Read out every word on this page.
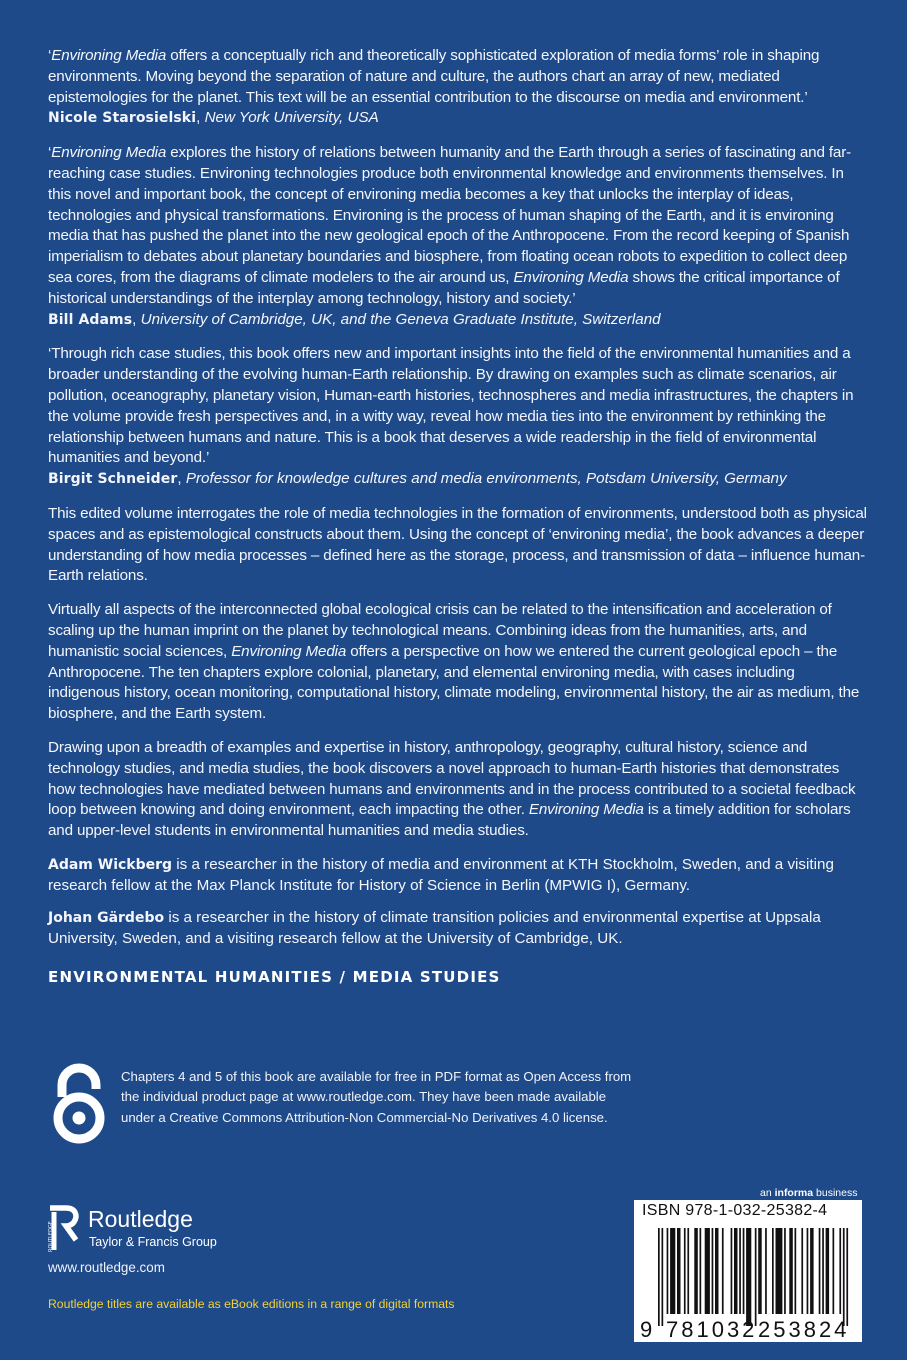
‘Environing Media offers a conceptually rich and theoretically sophisticated exploration of media forms’ role in shaping environments. Moving beyond the separation of nature and culture, the authors chart an array of new, mediated epistemologies for the planet. This text will be an essential contribution to the discourse on media and environment.’

Nicole Starosielski, New York University, USA

‘Environing Media explores the history of relations between humanity and the Earth through a series of fascinating and far-reaching case studies. Environing technologies produce both environmental knowledge and environments themselves. In this novel and important book, the concept of environing media becomes a key that unlocks the interplay of ideas, technologies and physical transformations. Environing is the process of human shaping of the Earth, and it is environing media that has pushed the planet into the new geological epoch of the Anthropocene. From the record keeping of Spanish imperialism to debates about planetary boundaries and biosphere, from floating ocean robots to expedition to collect deep sea cores, from the diagrams of climate modelers to the air around us, Environing Media shows the critical importance of historical understandings of the interplay among technology, history and society.’

Bill Adams, University of Cambridge, UK, and the Geneva Graduate Institute, Switzerland

‘Through rich case studies, this book offers new and important insights into the field of the environmental humanities and a broader understanding of the evolving human-Earth relationship. By drawing on examples such as climate scenarios, air pollution, oceanography, planetary vision, Human-earth histories, technospheres and media infrastructures, the chapters in the volume provide fresh perspectives and, in a witty way, reveal how media ties into the environment by rethinking the relationship between humans and nature. This is a book that deserves a wide readership in the field of environmental humanities and beyond.’

Birgit Schneider, Professor for knowledge cultures and media environments, Potsdam University, Germany

This edited volume interrogates the role of media technologies in the formation of environments, understood both as physical spaces and as epistemological constructs about them. Using the concept of ‘environing media’, the book advances a deeper understanding of how media processes – defined here as the storage, process, and transmission of data – influence human-Earth relations.

Virtually all aspects of the interconnected global ecological crisis can be related to the intensification and acceleration of scaling up the human imprint on the planet by technological means. Combining ideas from the humanities, arts, and humanistic social sciences, Environing Media offers a perspective on how we entered the current geological epoch – the Anthropocene. The ten chapters explore colonial, planetary, and elemental environing media, with cases including indigenous history, ocean monitoring, computational history, climate modeling, environmental history, the air as medium, the biosphere, and the Earth system.

Drawing upon a breadth of examples and expertise in history, anthropology, geography, cultural history, science and technology studies, and media studies, the book discovers a novel approach to human-Earth histories that demonstrates how technologies have mediated between humans and environments and in the process contributed to a societal feedback loop between knowing and doing environment, each impacting the other. Environing Media is a timely addition for scholars and upper-level students in environmental humanities and media studies.

Adam Wickberg is a researcher in the history of media and environment at KTH Stockholm, Sweden, and a visiting research fellow at the Max Planck Institute for History of Science in Berlin (MPWIG I), Germany.

Johan Gärdebo is a researcher in the history of climate transition policies and environmental expertise at Uppsala University, Sweden, and a visiting research fellow at the University of Cambridge, UK.

ENVIRONMENTAL HUMANITIES / MEDIA STUDIES
Chapters 4 and 5 of this book are available for free in PDF format as Open Access from the individual product page at www.routledge.com. They have been made available under a Creative Commons Attribution-Non Commercial-No Derivatives 4.0 license.
ROUTLEDGE
Routledge
Taylor & Francis Group
www.routledge.com
Routledge titles are available as eBook editions in a range of digital formats
an informa business
ISBN 978-1-032-25382-4
9 781032 253824
